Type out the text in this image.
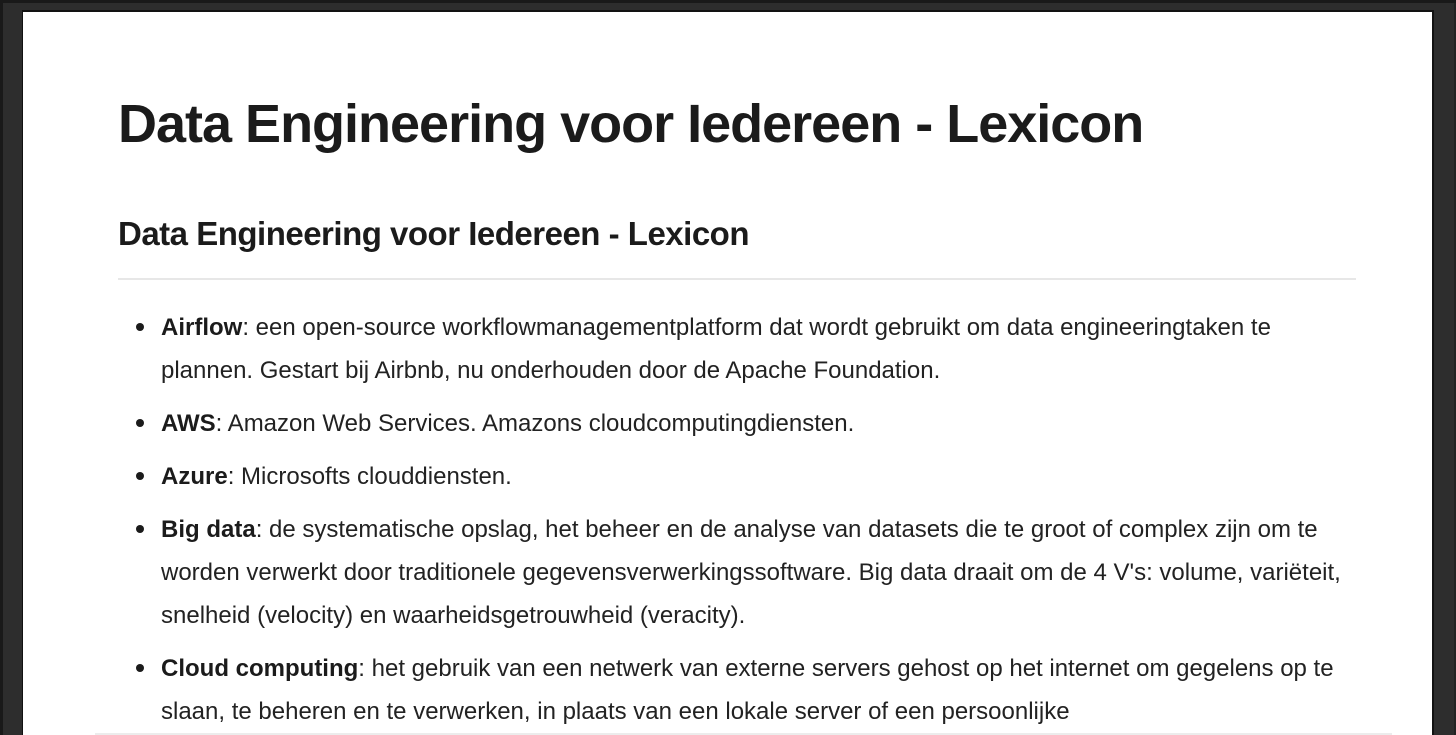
Data Engineering voor Iedereen - Lexicon
Data Engineering voor Iedereen - Lexicon
Airflow: een open-source workflowmanagementplatform dat wordt gebruikt om data engineeringtaken te plannen. Gestart bij Airbnb, nu onderhouden door de Apache Foundation.
AWS: Amazon Web Services. Amazons cloudcomputingdiensten.
Azure: Microsofts clouddiensten.
Big data: de systematische opslag, het beheer en de analyse van datasets die te groot of complex zijn om te worden verwerkt door traditionele gegevensverwerkingssoftware. Big data draait om de 4 V's: volume, variëteit, snelheid (velocity) en waarheidsgetrouwheid (veracity).
Cloud computing: het gebruik van een netwerk van externe servers gehost op het internet om gegelens op te slaan, te beheren en te verwerken, in plaats van een lokale server of een persoonlijke
